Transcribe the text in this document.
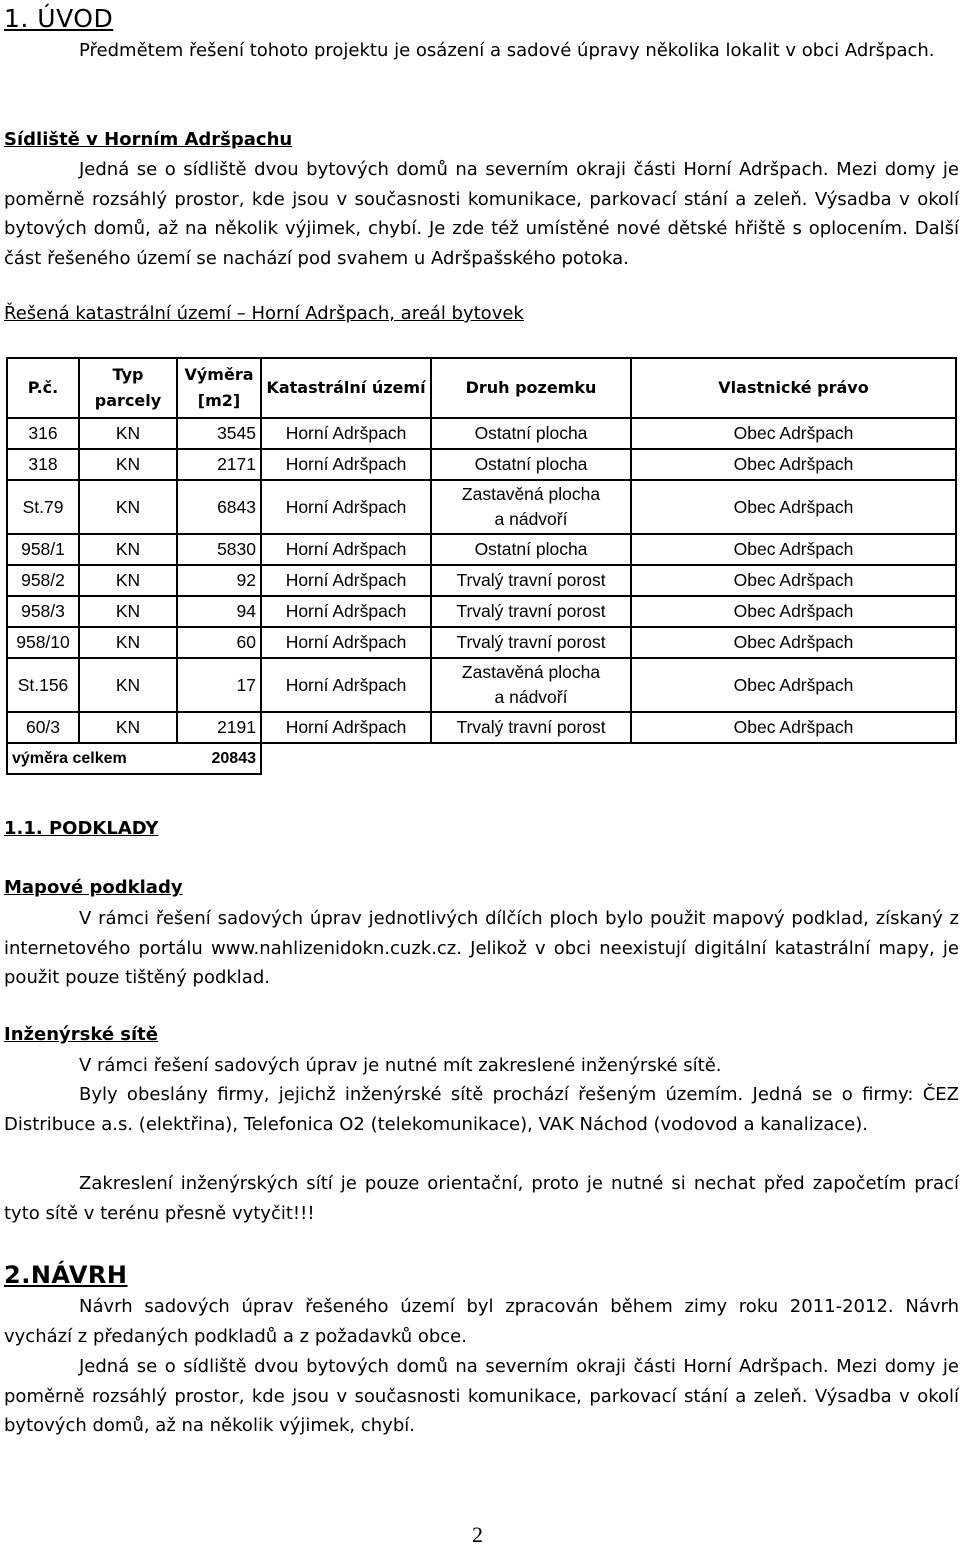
1. ÚVOD
Předmětem řešení tohoto projektu je osázení a sadové úpravy několika lokalit v obci Adršpach.
Sídliště v Horním Adršpachu
Jedná se o sídliště dvou bytových domů na severním okraji části Horní Adršpach. Mezi domy je poměrně rozsáhlý prostor, kde jsou v současnosti komunikace, parkovací stání a zeleň. Výsadba v okolí bytových domů, až na několik výjimek, chybí. Je zde též umístěné nové dětské hřiště s oplocením. Další část řešeného území se nachází pod svahem u Adršpašského potoka.
Řešená katastrální území – Horní Adršpach, areál bytovek
P.č.	Typ parcely	Výměra [m2]	Katastrální území	Druh pozemku	Vlastnické právo
316	KN	3545	Horní Adršpach	Ostatní plocha	Obec Adršpach
318	KN	2171	Horní Adršpach	Ostatní plocha	Obec Adršpach
St.79	KN	6843	Horní Adršpach	Zastavěná plocha a nádvoří	Obec Adršpach
958/1	KN	5830	Horní Adršpach	Ostatní plocha	Obec Adršpach
958/2	KN	92	Horní Adršpach	Trvalý travní porost	Obec Adršpach
958/3	KN	94	Horní Adršpach	Trvalý travní porost	Obec Adršpach
958/10	KN	60	Horní Adršpach	Trvalý travní porost	Obec Adršpach
St.156	KN	17	Horní Adršpach	Zastavěná plocha a nádvoří	Obec Adršpach
60/3	KN	2191	Horní Adršpach	Trvalý travní porost	Obec Adršpach
výměra celkem		20843			
1.1. PODKLADY
Mapové podklady
V rámci řešení sadových úprav jednotlivých dílčích ploch bylo použit mapový podklad, získaný z internetového portálu www.nahlizenidokn.cuzk.cz. Jelikož v obci neexistují digitální katastrální mapy, je použit pouze tištěný podklad.
Inženýrské sítě
V rámci řešení sadových úprav je nutné mít zakreslené inženýrské sítě.
Byly obeslány firmy, jejichž inženýrské sítě prochází řešeným územím. Jedná se o firmy: ČEZ Distribuce a.s. (elektřina), Telefonica O2 (telekomunikace), VAK Náchod (vodovod a kanalizace).
Zakreslení inženýrských sítí je pouze orientační, proto je nutné si nechat před započetím prací tyto sítě v terénu přesně vytyčit!!!
2.NÁVRH
Návrh sadových úprav řešeného území byl zpracován během zimy roku 2011-2012. Návrh vychází z předaných podkladů a z požadavků obce.
Jedná se o sídliště dvou bytových domů na severním okraji části Horní Adršpach. Mezi domy je poměrně rozsáhlý prostor, kde jsou v současnosti komunikace, parkovací stání a zeleň. Výsadba v okolí bytových domů, až na několik výjimek, chybí.
2
